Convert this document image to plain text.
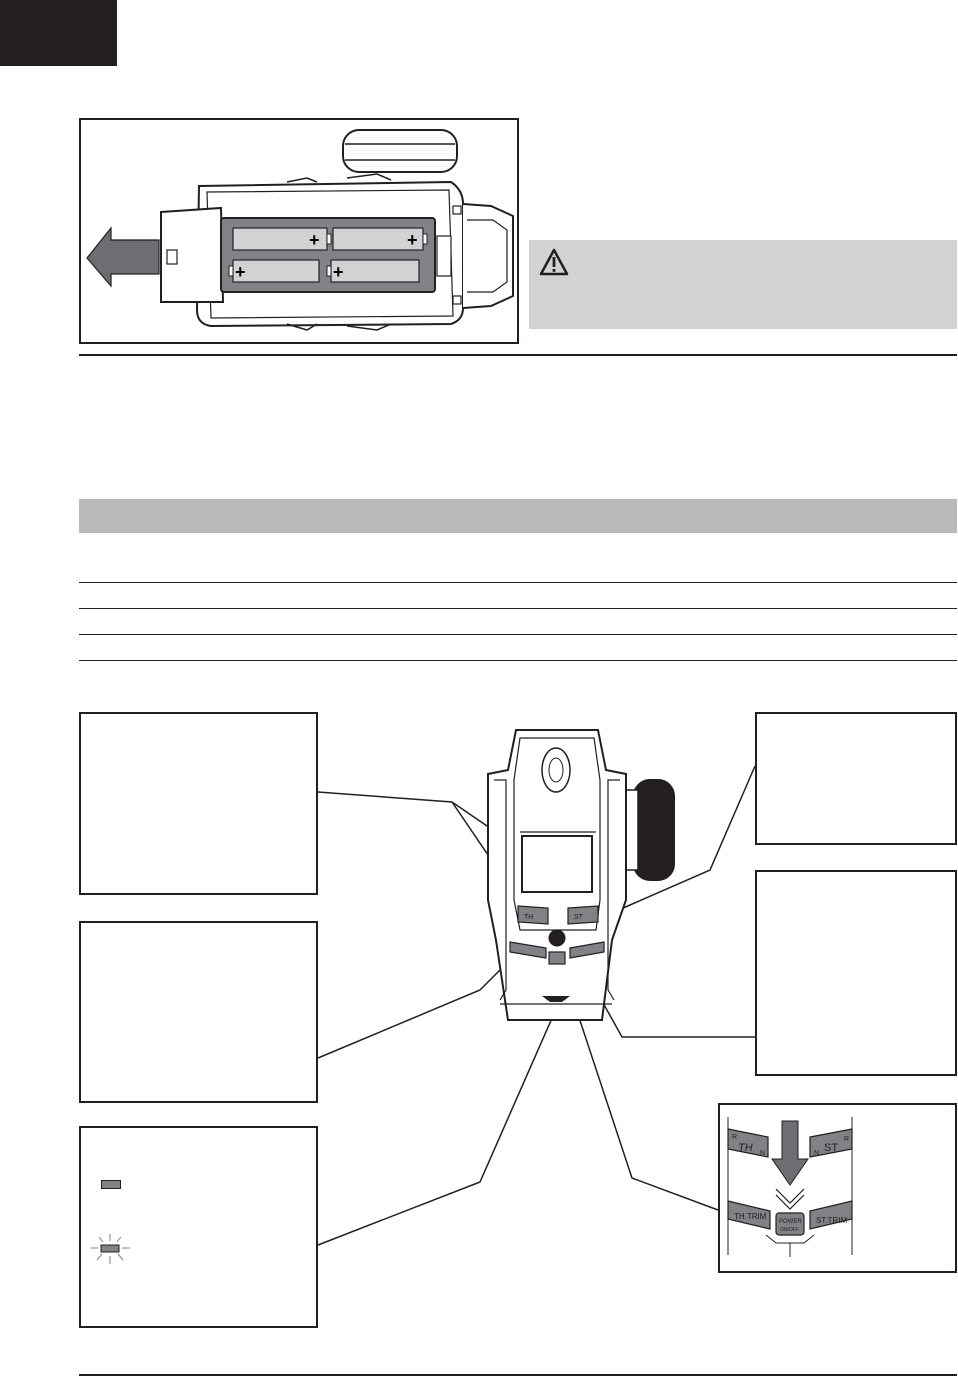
+	+
+	+
TH	ST
R
TH N	N ST
R
TH.TRIM	ST.TRIM
POWER
ON/OFF
